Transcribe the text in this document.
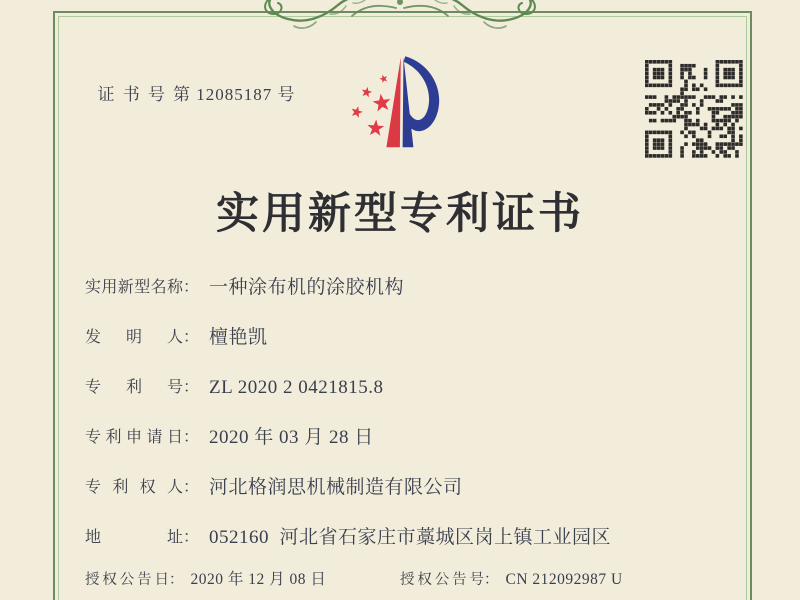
证 书 号 第 12085187 号

实用新型专利证书
实用新型名称 ： 一种涂布机的涂胶机构
发明人 ： 檀艳凯
专利号 ： ZL 2020 2 0421815.8
专利申请日 ： 2020 年 03 月 28 日
专利权人 ： 河北格润思机械制造有限公司
地址 ： 052160  河北省石家庄市藁城区岗上镇工业园区
授权公告日 ： 2020 年 12 月 08 日	授权公告号 ： CN 212092987 U
